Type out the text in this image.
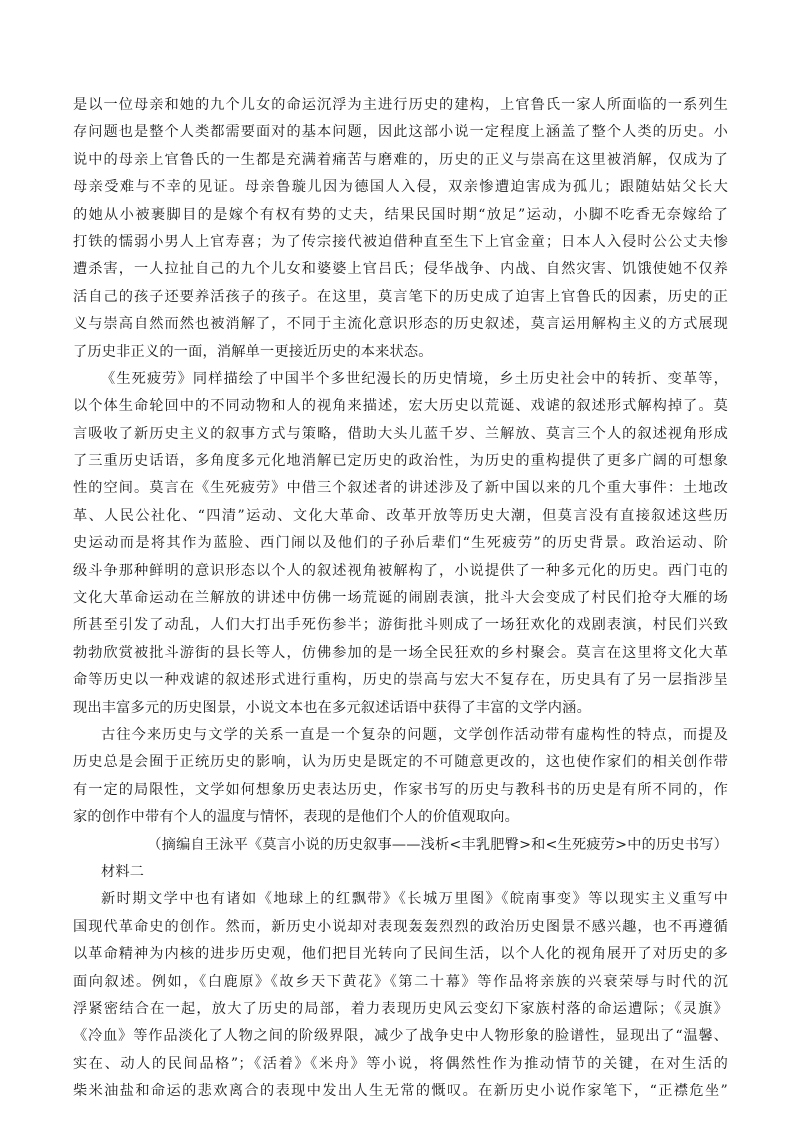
是以一位母亲和她的九个儿女的命运沉浮为主进行历史的建构，上官鲁氏一家人所面临的一系列生
存问题也是整个人类都需要面对的基本问题，因此这部小说一定程度上涵盖了整个人类的历史。小
说中的母亲上官鲁氏的一生都是充满着痛苦与磨难的，历史的正义与崇高在这里被消解，仅成为了
母亲受难与不幸的见证。母亲鲁璇儿因为德国人入侵，双亲惨遭迫害成为孤儿；跟随姑姑父长大
的她从小被裹脚目的是嫁个有权有势的丈夫，结果民国时期“放足”运动，小脚不吃香无奈嫁给了
打铁的懦弱小男人上官寿喜；为了传宗接代被迫借种直至生下上官金童；日本人入侵时公公丈夫惨
遭杀害，一人拉扯自己的九个儿女和婆婆上官吕氏；侵华战争、内战、自然灾害、饥饿使她不仅养
活自己的孩子还要养活孩子的孩子。在这里，莫言笔下的历史成了迫害上官鲁氏的因素，历史的正
义与崇高自然而然也被消解了，不同于主流化意识形态的历史叙述，莫言运用解构主义的方式展现
了历史非正义的一面，消解单一更接近历史的本来状态。
《生死疲劳》同样描绘了中国半个多世纪漫长的历史情境，乡土历史社会中的转折、变革等，
以个体生命轮回中的不同动物和人的视角来描述，宏大历史以荒诞、戏谑的叙述形式解构掉了。莫
言吸收了新历史主义的叙事方式与策略，借助大头儿蓝千岁、兰解放、莫言三个人的叙述视角形成
了三重历史话语，多角度多元化地消解已定历史的政治性，为历史的重构提供了更多广阔的可想象
性的空间。莫言在《生死疲劳》中借三个叙述者的讲述涉及了新中国以来的几个重大事件：土地改
革、人民公社化、“四清”运动、文化大革命、改革开放等历史大潮，但莫言没有直接叙述这些历
史运动而是将其作为蓝脸、西门闹以及他们的子孙后辈们“生死疲劳”的历史背景。政治运动、阶
级斗争那种鲜明的意识形态以个人的叙述视角被解构了，小说提供了一种多元化的历史。西门屯的
文化大革命运动在兰解放的讲述中仿佛一场荒诞的闹剧表演，批斗大会变成了村民们抢夺大雁的场
所甚至引发了动乱，人们大打出手死伤参半；游街批斗则成了一场狂欢化的戏剧表演，村民们兴致
勃勃欣赏被批斗游街的县长等人，仿佛参加的是一场全民狂欢的乡村聚会。莫言在这里将文化大革
命等历史以一种戏谑的叙述形式进行重构，历史的崇高与宏大不复存在，历史具有了另一层指涉呈
现出丰富多元的历史图景，小说文本也在多元叙述话语中获得了丰富的文学内涵。
古往今来历史与文学的关系一直是一个复杂的问题，文学创作活动带有虚构性的特点，而提及
历史总是会囿于正统历史的影响，认为历史是既定的不可随意更改的，这也使作家们的相关创作带
有一定的局限性，文学如何想象历史表达历史，作家书写的历史与教科书的历史是有所不同的，作
家的创作中带有个人的温度与情怀，表现的是他们个人的价值观取向。
（摘编自王泳平《莫言小说的历史叙事——浅析<丰乳肥臀>和<生死疲劳>中的历史书写）
材料二
新时期文学中也有诸如《地球上的红飘带》《长城万里图》《皖南事变》等以现实主义重写中
国现代革命史的创作。然而，新历史小说却对表现轰轰烈烈的政治历史图景不感兴趣，也不再遵循
以革命精神为内核的进步历史观，他们把目光转向了民间生活，以个人化的视角展开了对历史的多
面向叙述。例如，《白鹿原》《故乡天下黄花》《第二十幕》等作品将亲族的兴衰荣辱与时代的沉
浮紧密结合在一起，放大了历史的局部，着力表现历史风云变幻下家族村落的命运遭际；《灵旗》
《冷血》等作品淡化了人物之间的阶级界限，减少了战争史中人物形象的脸谱性，显现出了“温馨、
实在、动人的民间品格”；《活着》《米舟》等小说，将偶然性作为推动情节的关键，在对生活的
柴米油盐和命运的悲欢离合的表现中发出人生无常的慨叹。在新历史小说作家笔下，“正襟危坐”
